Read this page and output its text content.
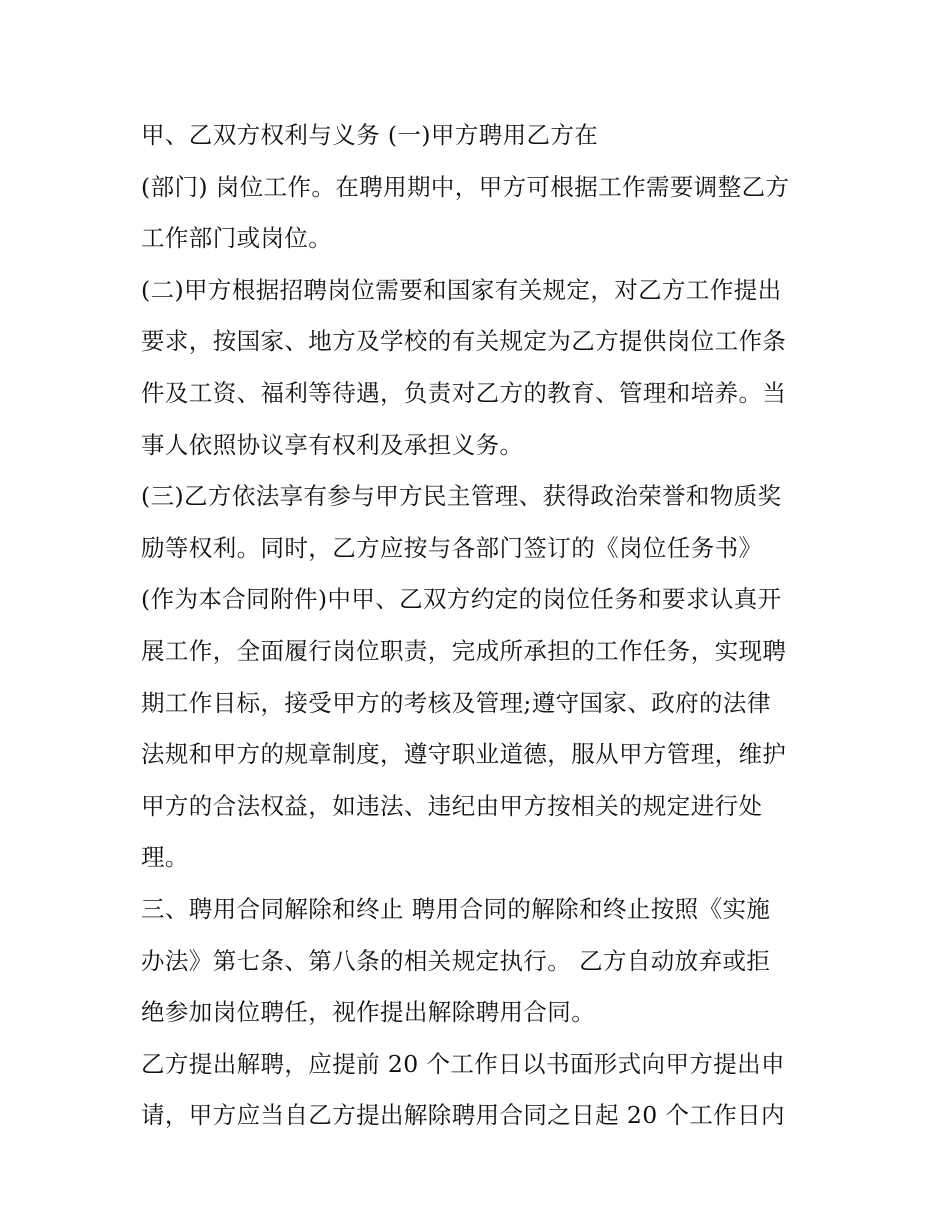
甲、乙双方权利与义务 (一)甲方聘用乙方在
(部门) 岗位工作。在聘用期中，甲方可根据工作需要调整乙方
工作部门或岗位。
(二)甲方根据招聘岗位需要和国家有关规定，对乙方工作提出
要求，按国家、地方及学校的有关规定为乙方提供岗位工作条
件及工资、福利等待遇，负责对乙方的教育、管理和培养。当
事人依照协议享有权利及承担义务。
(三)乙方依法享有参与甲方民主管理、获得政治荣誉和物质奖
励等权利。同时，乙方应按与各部门签订的《岗位任务书》
(作为本合同附件)中甲、乙双方约定的岗位任务和要求认真开
展工作，全面履行岗位职责，完成所承担的工作任务，实现聘
期工作目标，接受甲方的考核及管理;遵守国家、政府的法律
法规和甲方的规章制度，遵守职业道德，服从甲方管理，维护
甲方的合法权益，如违法、违纪由甲方按相关的规定进行处
理。
三、聘用合同解除和终止 聘用合同的解除和终止按照《实施
办法》第七条、第八条的相关规定执行。 乙方自动放弃或拒
绝参加岗位聘任，视作提出解除聘用合同。
乙方提出解聘，应提前 20 个工作日以书面形式向甲方提出申
请，甲方应当自乙方提出解除聘用合同之日起 20 个工作日内
